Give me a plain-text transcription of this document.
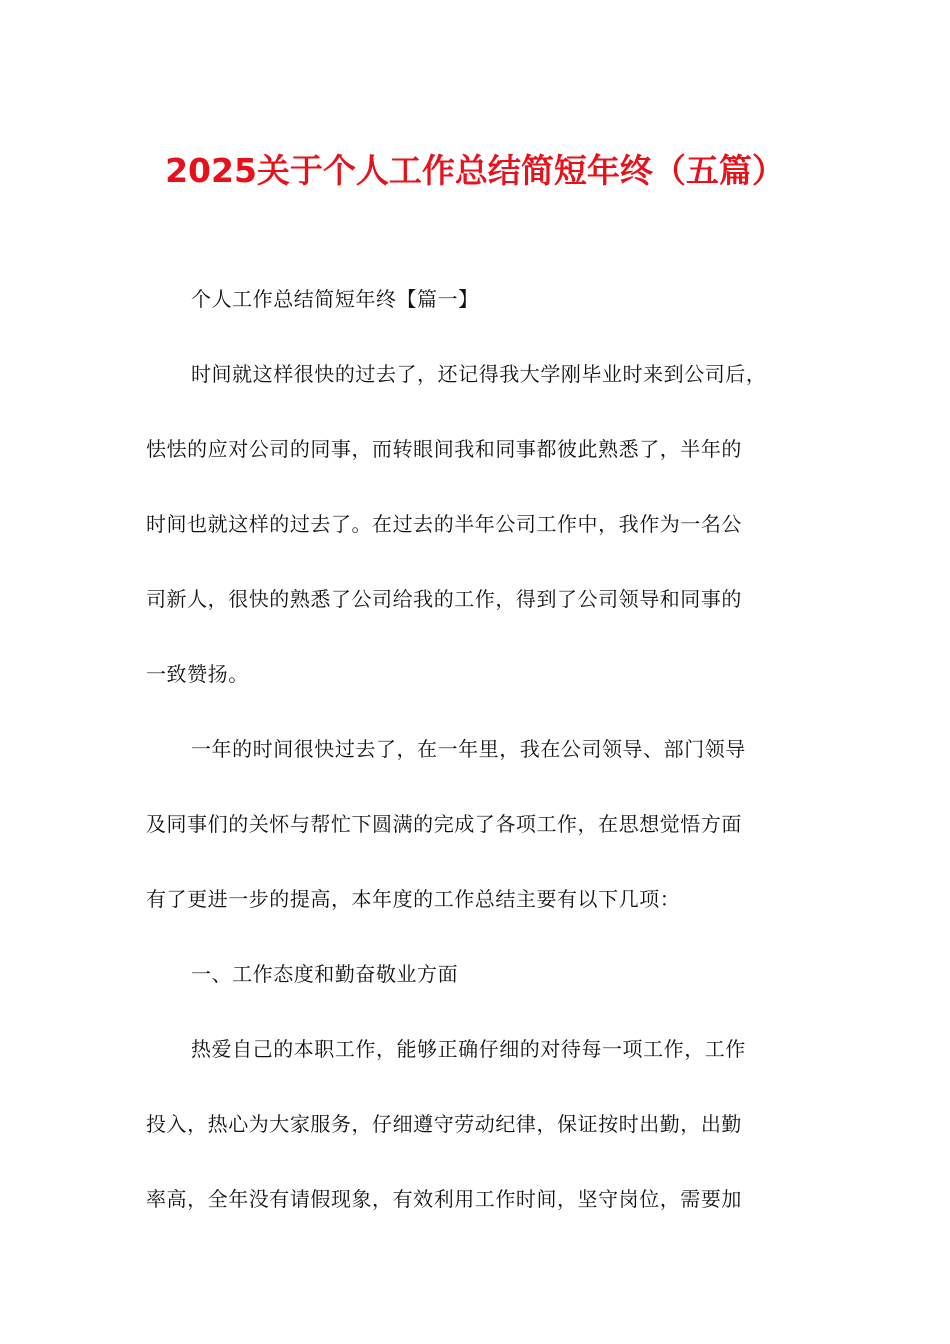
2025关于个人工作总结简短年终（五篇）
个人工作总结简短年终【篇一】
时间就这样很快的过去了，还记得我大学刚毕业时来到公司后，
怯怯的应对公司的同事，而转眼间我和同事都彼此熟悉了，半年的
时间也就这样的过去了。在过去的半年公司工作中，我作为一名公
司新人，很快的熟悉了公司给我的工作，得到了公司领导和同事的
一致赞扬。
一年的时间很快过去了，在一年里，我在公司领导、部门领导
及同事们的关怀与帮忙下圆满的完成了各项工作，在思想觉悟方面
有了更进一步的提高，本年度的工作总结主要有以下几项：
一、工作态度和勤奋敬业方面
热爱自己的本职工作，能够正确仔细的对待每一项工作，工作
投入，热心为大家服务，仔细遵守劳动纪律，保证按时出勤，出勤
率高，全年没有请假现象，有效利用工作时间，坚守岗位，需要加
